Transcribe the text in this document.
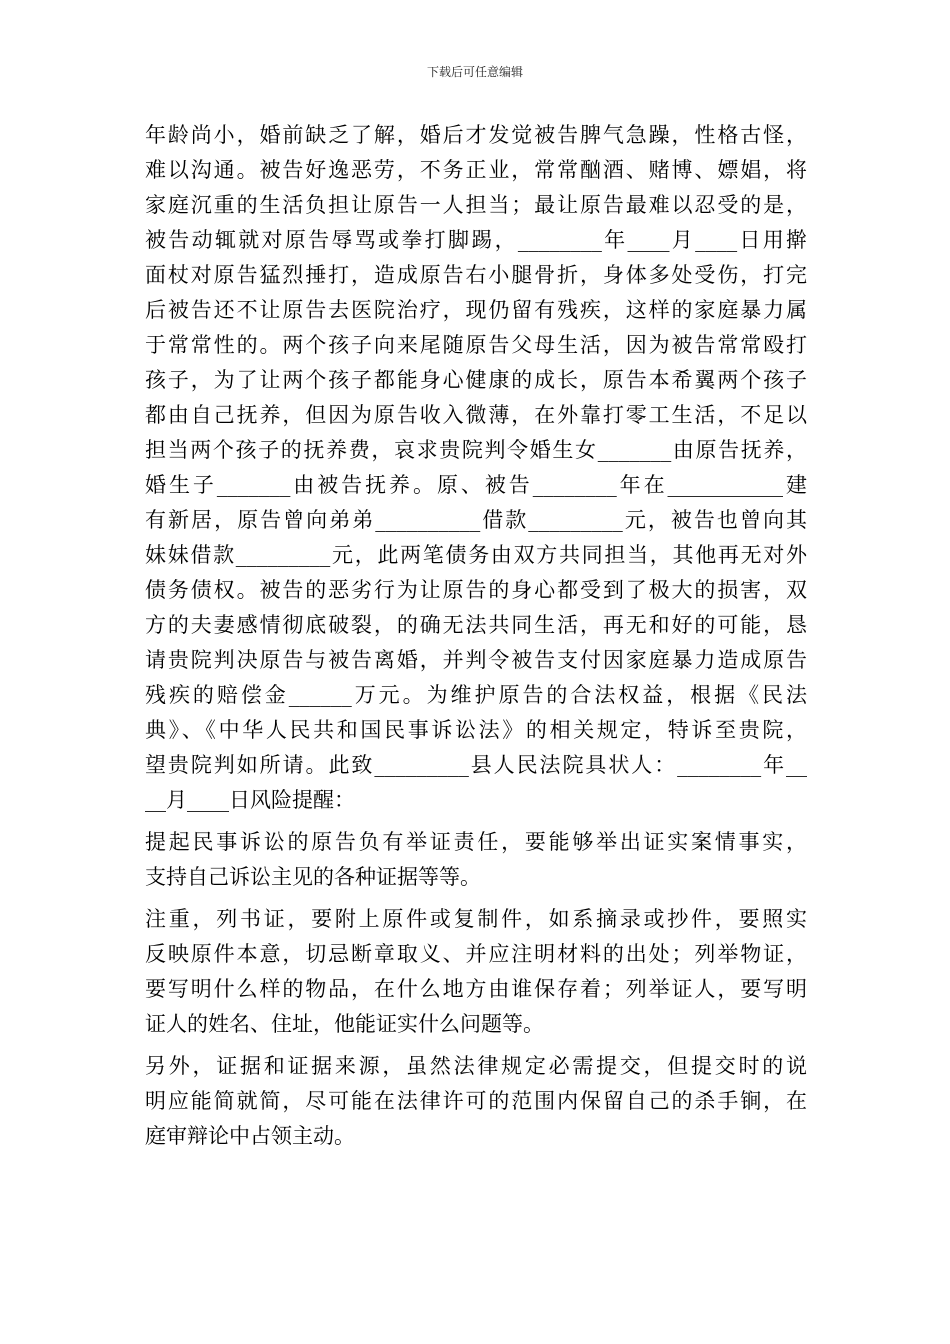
下载后可任意编辑
年龄尚小，婚前缺乏了解，婚后才发觉被告脾气急躁，性格古怪，
难以沟通。被告好逸恶劳，不务正业，常常酗酒、赌博、嫖娼，将
家庭沉重的生活负担让原告一人担当；最让原告最难以忍受的是，
被告动辄就对原告辱骂或拳打脚踢，________年____月____日用擀
面杖对原告猛烈捶打，造成原告右小腿骨折，身体多处受伤，打完
后被告还不让原告去医院治疗，现仍留有残疾，这样的家庭暴力属
于常常性的。两个孩子向来尾随原告父母生活，因为被告常常殴打
孩子，为了让两个孩子都能身心健康的成长，原告本希翼两个孩子
都由自己抚养，但因为原告收入微薄，在外靠打零工生活，不足以
担当两个孩子的抚养费，哀求贵院判令婚生女_______由原告抚养，
婚生子_______由被告抚养。原、被告________年在___________建
有新居，原告曾向弟弟__________借款_________元，被告也曾向其
妹妹借款_________元，此两笔债务由双方共同担当，其他再无对外
债务债权。被告的恶劣行为让原告的身心都受到了极大的损害，双
方的夫妻感情彻底破裂，的确无法共同生活，再无和好的可能，恳
请贵院判决原告与被告离婚，并判令被告支付因家庭暴力造成原告
残疾的赔偿金______万元。为维护原告的合法权益，根据《民法
典》、《中华人民共和国民事诉讼法》的相关规定，特诉至贵院，
望贵院判如所请。此致_________县人民法院具状人：________年__
__月____日风险提醒：
提起民事诉讼的原告负有举证责任，要能够举出证实案情事实，
支持自己诉讼主见的各种证据等等。
注重，列书证，要附上原件或复制件，如系摘录或抄件，要照实
反映原件本意，切忌断章取义、并应注明材料的出处；列举物证，
要写明什么样的物品，在什么地方由谁保存着；列举证人，要写明
证人的姓名、住址，他能证实什么问题等。
另外，证据和证据来源，虽然法律规定必需提交，但提交时的说
明应能简就简，尽可能在法律许可的范围内保留自己的杀手锏，在
庭审辩论中占领主动。
